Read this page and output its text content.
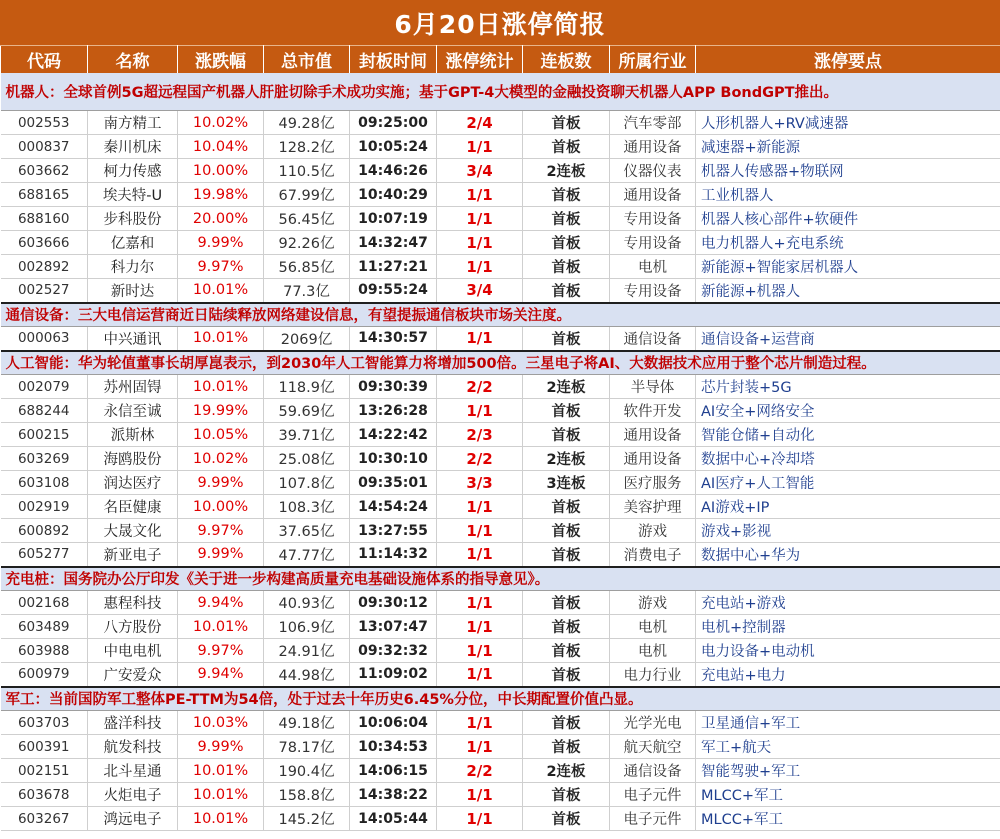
6月20日涨停简报
代码	名称	涨跌幅	总市值	封板时间	涨停统计	连板数	所属行业	涨停要点
机器人：全球首例5G超远程国产机器人肝脏切除手术成功实施；基于GPT-4大模型的金融投资聊天机器人APP BondGPT推出。								
002553	南方精工	10.02%	49.28亿	09:25:00	2/4	首板	汽车零部	人形机器人+RV减速器
000837	秦川机床	10.04%	128.2亿	10:05:24	1/1	首板	通用设备	减速器+新能源
603662	柯力传感	10.00%	110.5亿	14:46:26	3/4	2连板	仪器仪表	机器人传感器+物联网
688165	埃夫特-U	19.98%	67.99亿	10:40:29	1/1	首板	通用设备	工业机器人
688160	步科股份	20.00%	56.45亿	10:07:19	1/1	首板	专用设备	机器人核心部件+软硬件
603666	亿嘉和	9.99%	92.26亿	14:32:47	1/1	首板	专用设备	电力机器人+充电系统
002892	科力尔	9.97%	56.85亿	11:27:21	1/1	首板	电机	新能源+智能家居机器人
002527	新时达	10.01%	77.3亿	09:55:24	3/4	首板	专用设备	新能源+机器人
通信设备：三大电信运营商近日陆续释放网络建设信息，有望提振通信板块市场关注度。								
000063	中兴通讯	10.01%	2069亿	14:30:57	1/1	首板	通信设备	通信设备+运营商
人工智能：华为轮值董事长胡厚崑表示，到2030年人工智能算力将增加500倍。三星电子将AI、大数据技术应用于整个芯片制造过程。								
002079	苏州固锝	10.01%	118.9亿	09:30:39	2/2	2连板	半导体	芯片封装+5G
688244	永信至诚	19.99%	59.69亿	13:26:28	1/1	首板	软件开发	AI安全+网络安全
600215	派斯林	10.05%	39.71亿	14:22:42	2/3	首板	通用设备	智能仓储+自动化
603269	海鸥股份	10.02%	25.08亿	10:30:10	2/2	2连板	通用设备	数据中心+冷却塔
603108	润达医疗	9.99%	107.8亿	09:35:01	3/3	3连板	医疗服务	AI医疗+人工智能
002919	名臣健康	10.00%	108.3亿	14:54:24	1/1	首板	美容护理	AI游戏+IP
600892	大晟文化	9.97%	37.65亿	13:27:55	1/1	首板	游戏	游戏+影视
605277	新亚电子	9.99%	47.77亿	11:14:32	1/1	首板	消费电子	数据中心+华为
充电桩：国务院办公厅印发《关于进一步构建高质量充电基础设施体系的指导意见》。								
002168	惠程科技	9.94%	40.93亿	09:30:12	1/1	首板	游戏	充电站+游戏
603489	八方股份	10.01%	106.9亿	13:07:47	1/1	首板	电机	电机+控制器
603988	中电电机	9.97%	24.91亿	09:32:32	1/1	首板	电机	电力设备+电动机
600979	广安爱众	9.94%	44.98亿	11:09:02	1/1	首板	电力行业	充电站+电力
军工：当前国防军工整体PE-TTM为54倍，处于过去十年历史6.45%分位，中长期配置价值凸显。								
603703	盛洋科技	10.03%	49.18亿	10:06:04	1/1	首板	光学光电	卫星通信+军工
600391	航发科技	9.99%	78.17亿	10:34:53	1/1	首板	航天航空	军工+航天
002151	北斗星通	10.01%	190.4亿	14:06:15	2/2	2连板	通信设备	智能驾驶+军工
603678	火炬电子	10.01%	158.8亿	14:38:22	1/1	首板	电子元件	MLCC+军工
603267	鸿远电子	10.01%	145.2亿	14:05:44	1/1	首板	电子元件	MLCC+军工
